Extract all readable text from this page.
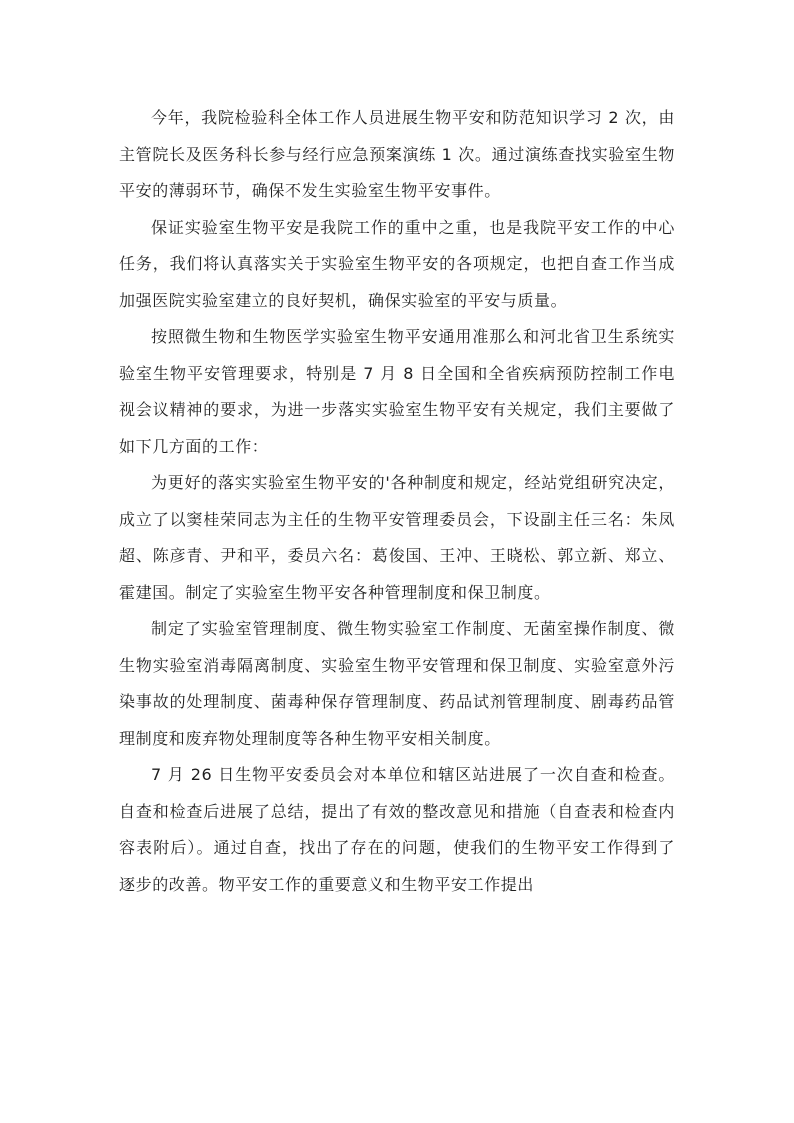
今年，我院检验科全体工作人员进展生物平安和防范知识学习 2 次，由主管院长及医务科长参与经行应急预案演练 1 次。通过演练查找实验室生物平安的薄弱环节，确保不发生实验室生物平安事件。

保证实验室生物平安是我院工作的重中之重，也是我院平安工作的中心任务，我们将认真落实关于实验室生物平安的各项规定，也把自查工作当成加强医院实验室建立的良好契机，确保实验室的平安与质量。

按照微生物和生物医学实验室生物平安通用准那么和河北省卫生系统实验室生物平安管理要求，特别是 7 月 8 日全国和全省疾病预防控制工作电视会议精神的要求，为进一步落实实验室生物平安有关规定，我们主要做了如下几方面的工作：

为更好的落实实验室生物平安的'各种制度和规定，经站党组研究决定，成立了以窦桂荣同志为主任的生物平安管理委员会，下设副主任三名：朱凤超、陈彦青、尹和平，委员六名：葛俊国、王冲、王晓松、郭立新、郑立、霍建国。制定了实验室生物平安各种管理制度和保卫制度。

制定了实验室管理制度、微生物实验室工作制度、无菌室操作制度、微生物实验室消毒隔离制度、实验室生物平安管理和保卫制度、实验室意外污染事故的处理制度、菌毒种保存管理制度、药品试剂管理制度、剧毒药品管理制度和废弃物处理制度等各种生物平安相关制度。

7 月 26 日生物平安委员会对本单位和辖区站进展了一次自查和检查。自查和检查后进展了总结，提出了有效的整改意见和措施（自查表和检查内容表附后）。通过自查，找出了存在的问题，使我们的生物平安工作得到了逐步的改善。物平安工作的重要意义和生物平安工作提出
